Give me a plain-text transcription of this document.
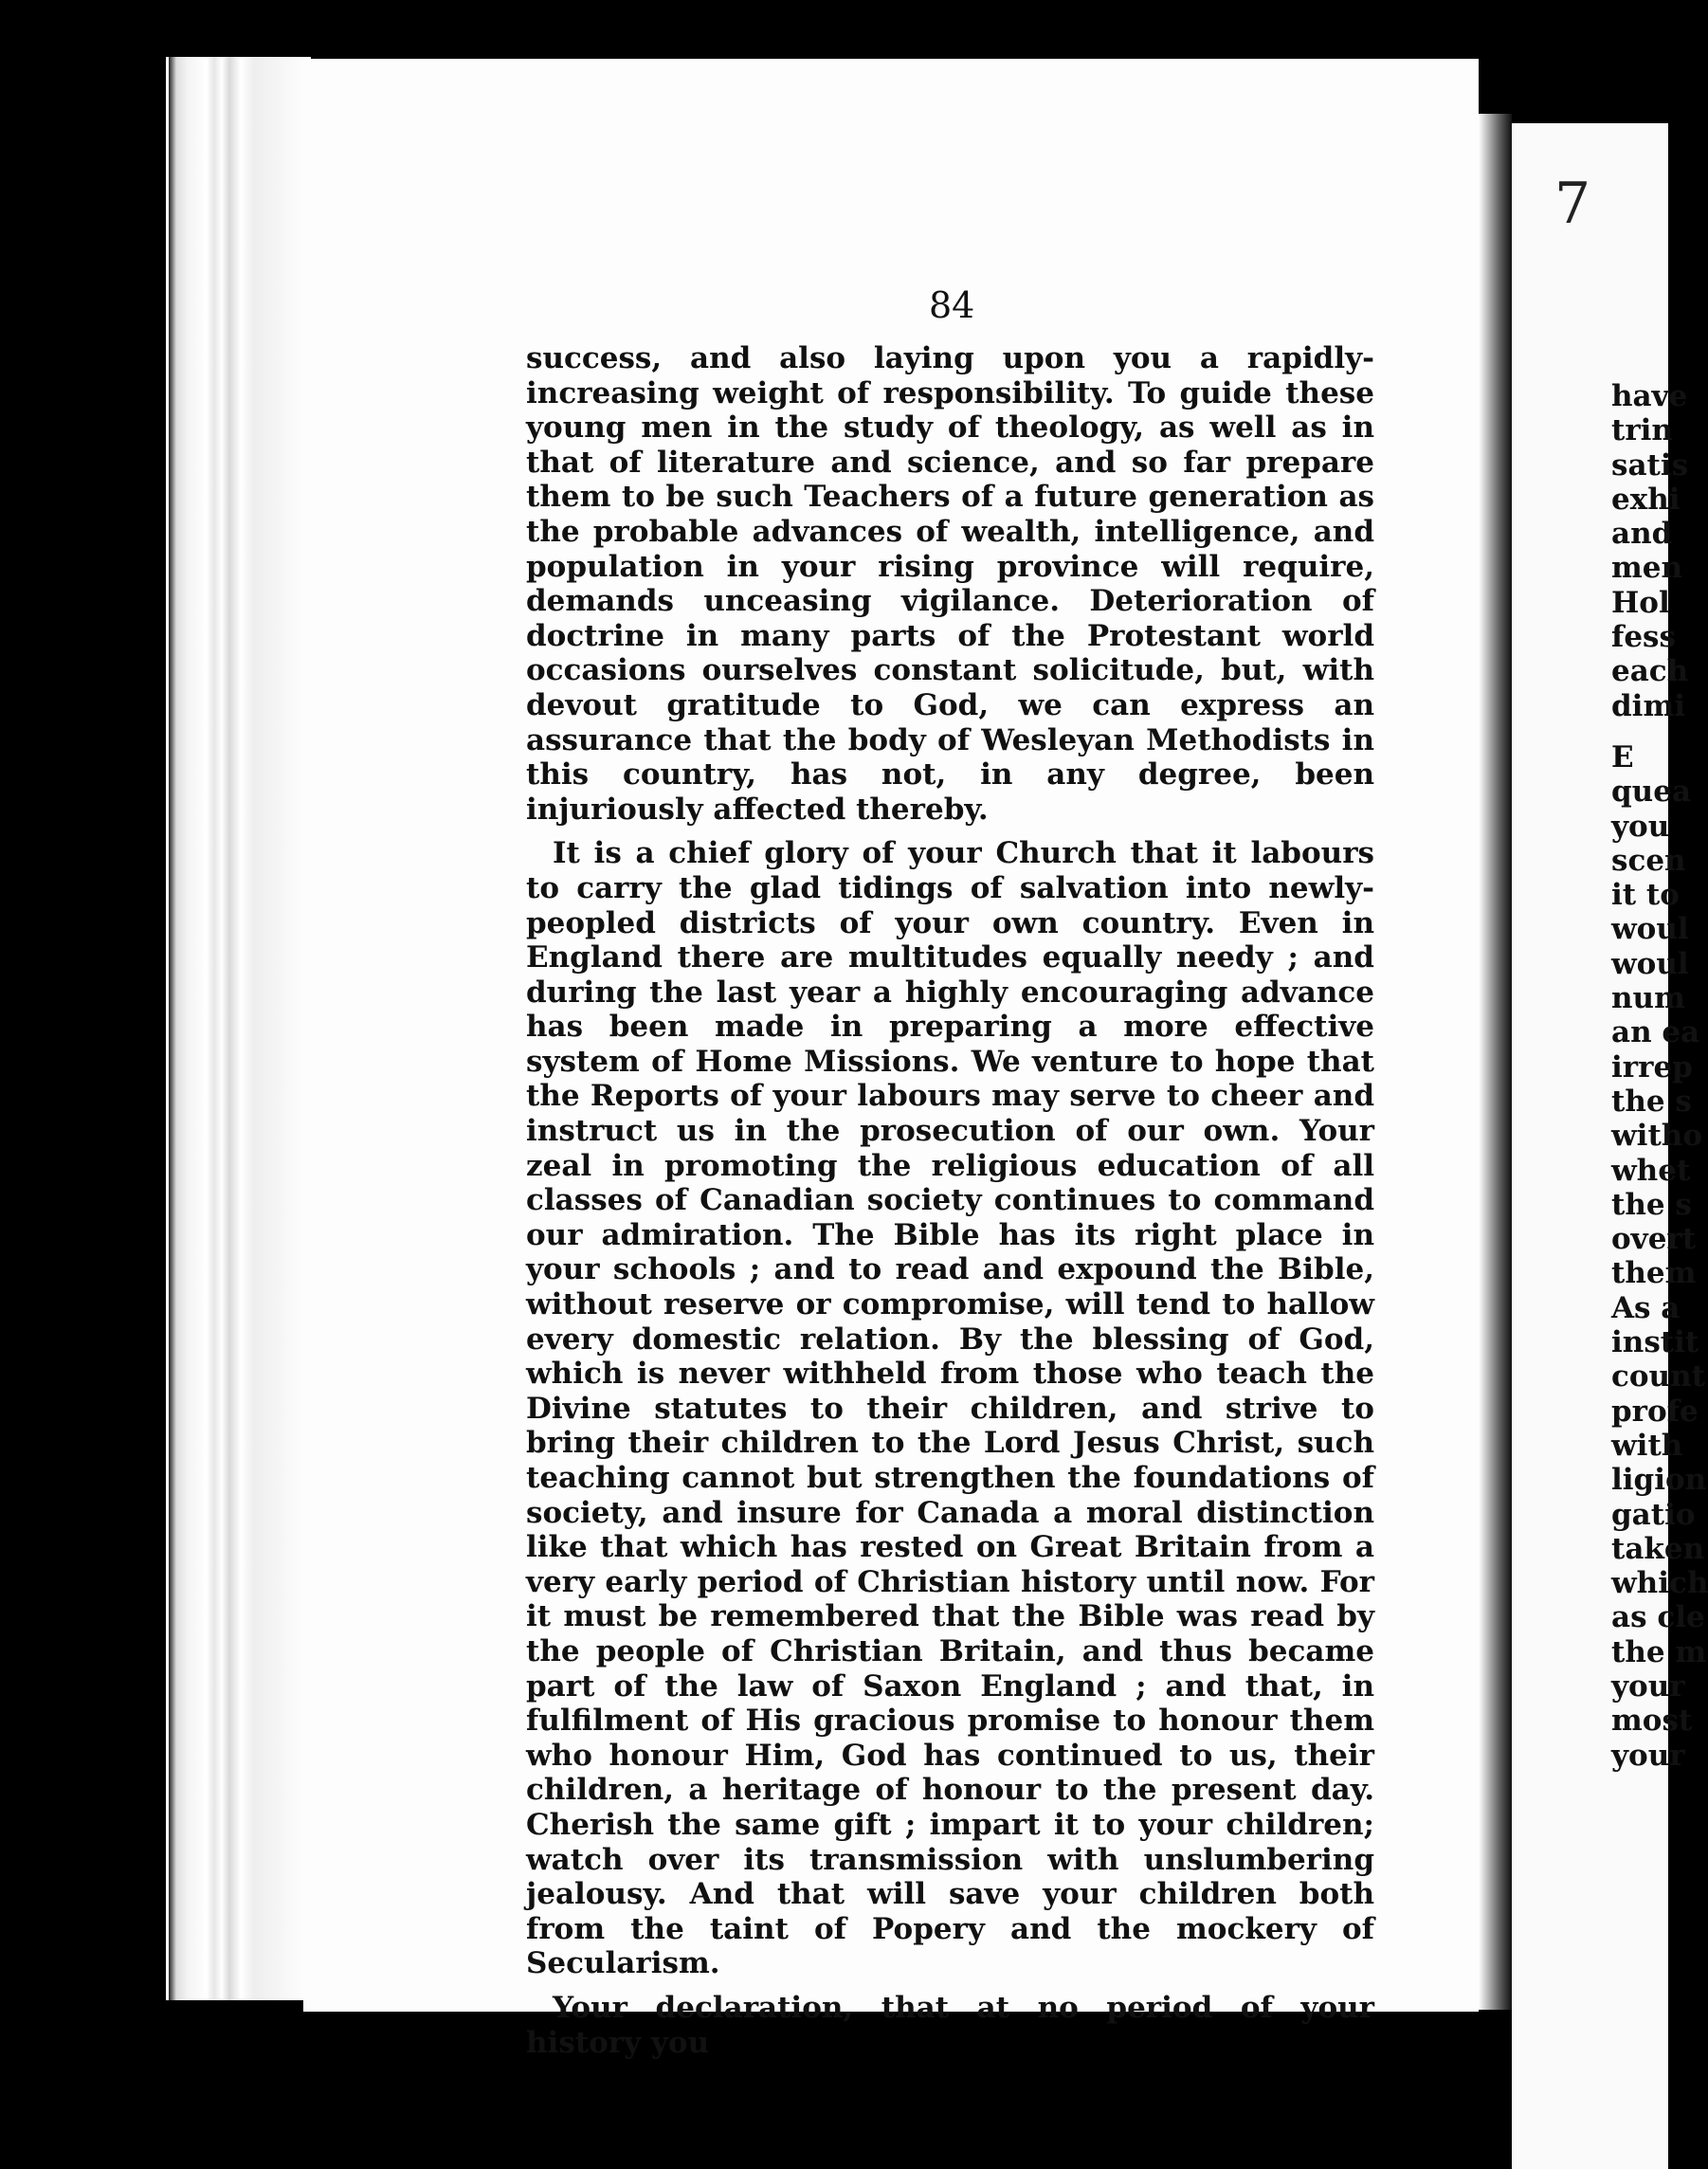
84

success, and also laying upon you a rapidly-increasing weight of responsibility. To guide these young men in the study of theology, as well as in that of literature and science, and so far prepare them to be such Teachers of a future generation as the probable advances of wealth, intelligence, and population in your rising province will require, demands unceasing vigilance. Deterioration of doctrine in many parts of the Protestant world occasions ourselves constant solicitude, but, with devout gratitude to God, we can express an assurance that the body of Wesleyan Methodists in this country, has not, in any degree, been injuriously affected thereby.

It is a chief glory of your Church that it labours to carry the glad tidings of salvation into newly-peopled districts of your own country. Even in England there are multitudes equally needy ; and during the last year a highly encouraging advance has been made in preparing a more effective system of Home Missions. We venture to hope that the Reports of your labours may serve to cheer and instruct us in the prosecution of our own. Your zeal in promoting the religious education of all classes of Canadian society continues to command our admiration. The Bible has its right place in your schools ; and to read and expound the Bible, without reserve or compromise, will tend to hallow every domestic relation. By the blessing of God, which is never withheld from those who teach the Divine statutes to their children, and strive to bring their children to the Lord Jesus Christ, such teaching cannot but strengthen the foundations of society, and insure for Canada a moral distinction like that which has rested on Great Britain from a very early period of Christian history until now. For it must be remembered that the Bible was read by the people of Christian Britain, and thus became part of the law of Saxon England ; and that, in fulfilment of His gracious promise to honour them who honour Him, God has continued to us, their children, a heritage of honour to the present day. Cherish the same gift ; impart it to your children; watch over its transmission with unslumbering jealousy. And that will save your children both from the taint of Popery and the mockery of Secularism.

Your declaration, that at no period of your history you

have
trin
satis
exhi
and
men
Hol
fess
each
dimi
E
quea
you
scen
it to
woul
woul
num
an ea
irrep
the s
witho
whet
the s
overt
them
As a
instit
count
profe
with
ligion
gatio
taken
which
as cle
the m
your
most
your
7
